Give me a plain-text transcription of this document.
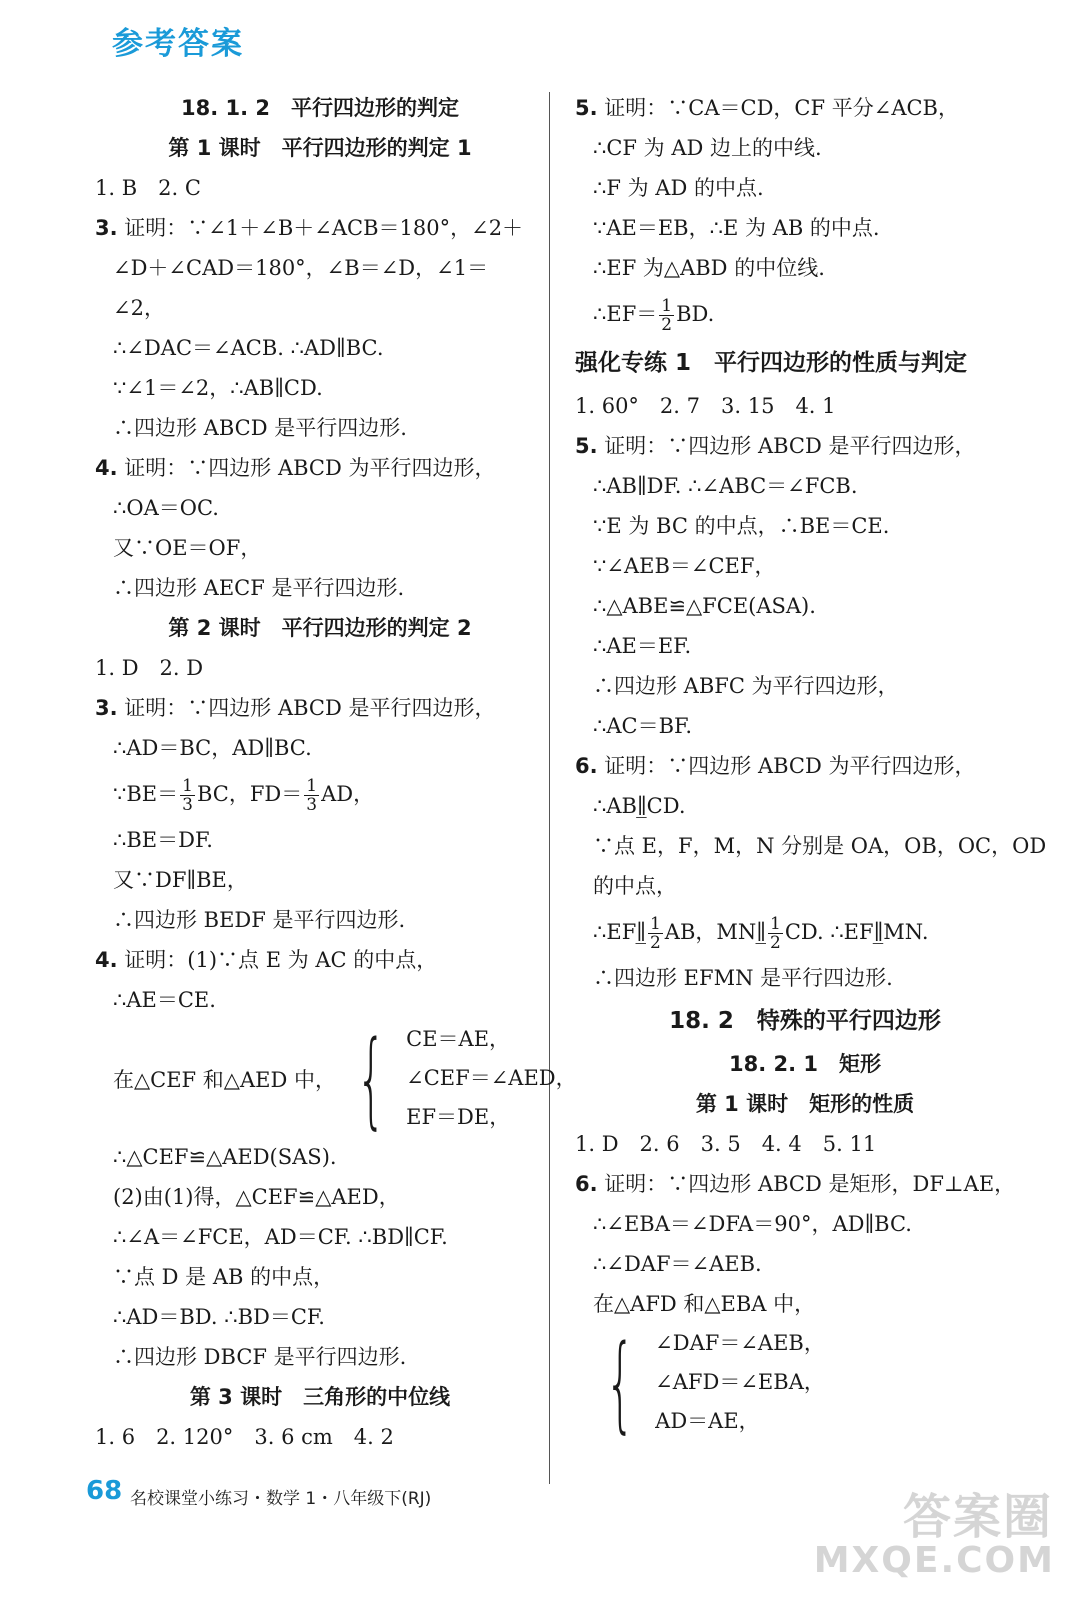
参考答案
18. 1. 2　平行四边形的判定
第 1 课时　平行四边形的判定 1
1. B　2. C
3. 证明：∵∠1＋∠B＋∠ACB＝180°，∠2＋
∠D＋∠CAD＝180°，∠B＝∠D，∠1＝
∠2，
∴∠DAC＝∠ACB. ∴AD∥BC.
∵∠1＝∠2，∴AB∥CD.
∴四边形 ABCD 是平行四边形.
4. 证明：∵四边形 ABCD 为平行四边形，
∴OA＝OC.
又∵OE＝OF，
∴四边形 AECF 是平行四边形.
第 2 课时　平行四边形的判定 2
1. D　2. D
3. 证明：∵四边形 ABCD 是平行四边形，
∴AD＝BC，AD∥BC.
∵BE＝ $\frac{1}{3}$ BC，$FD= \frac{1}{3}$ AD，
∴BE＝DF.
又∵DF∥BE，
∴四边形 BEDF 是平行四边形.
4. 证明：(1)∵点 E 为 AC 的中点，
∴AE＝CE.
在△CEF 和△AED 中， { CE＝AE，
∠CEF＝∠AED，
EF＝DE，
∴△CEF≌△AED(SAS).
(2)由(1)得，△CEF≌△AED，
∴∠A＝∠FCE，AD＝CF. ∴BD∥CF.
∵点 D 是 AB 的中点，
∴AD＝BD. ∴BD＝CF.
∴四边形 DBCF 是平行四边形.
第 3 课时　三角形的中位线
1. 6　2. 120°　3. 6 cm　4. 2
5. 证明：∵CA＝CD，CF 平分∠ACB，
∴CF 为 AD 边上的中线.
∴F 为 AD 的中点.
∵AE＝EB，∴E 为 AB 的中点.
∴EF 为△ABD 的中位线.
∴EF＝ $\frac{1}{2}$ BD.
强化专练 1　平行四边形的性质与判定
1. 60°　2. 7　3. 15　4. 1
5. 证明：∵四边形 ABCD 是平行四边形，
∴AB∥DF. ∴∠ABC＝∠FCB.
∵E 为 BC 的中点，∴BE＝CE.
∵∠AEB＝∠CEF，
∴△ABE≌△FCE(ASA).
∴AE＝EF.
∴四边形 ABFC 为平行四边形，
∴AC＝BF.
6. 证明：∵四边形 ABCD 为平行四边形，
∴AB∥̲CD.
∵点 E，F，M，N 分别是 OA，OB，OC，OD
的中点，
∴EF∥̲ $\frac{1}{2}$ AB，MN∥̲ $\frac{1}{2}$ CD. ∴EF∥̲MN.
∴四边形 EFMN 是平行四边形.
18. 2　特殊的平行四边形
18. 2. 1　矩形
第 1 课时　矩形的性质
1. D　2. 6　3. 5　4. 4　5. 11
6. 证明：∵四边形 ABCD 是矩形，DF⊥AE，
∴∠EBA＝∠DFA＝90°，AD∥BC.
∴∠DAF＝∠AEB.
在△AFD 和△EBA 中，
{ ∠DAF＝∠AEB，
∠AFD＝∠EBA，
AD＝AE，
68 名校课堂小练习・数学 1・八年级下(RJ)	答案圈
MXQE.COM
